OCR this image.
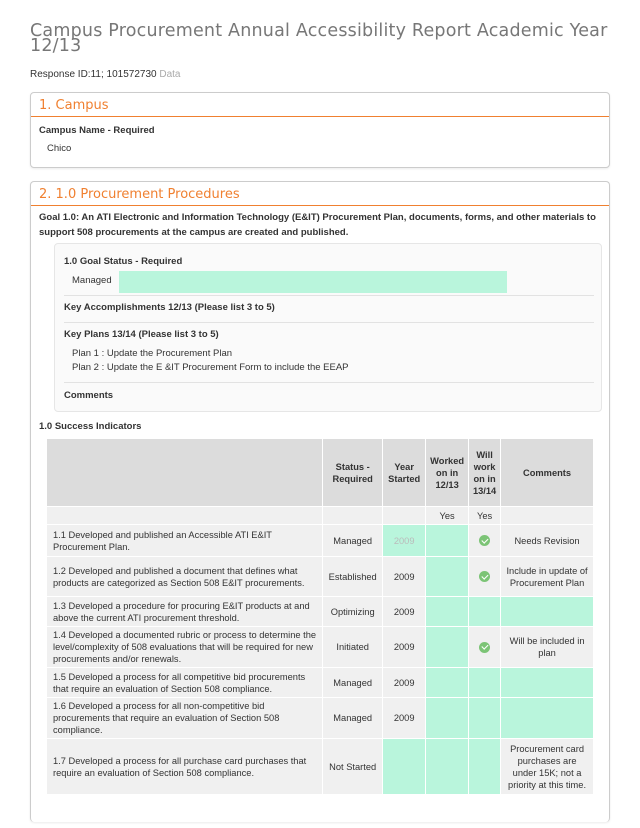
Campus Procurement Annual Accessibility Report Academic Year 12/13
Response ID:11; 101572730 Data
1. Campus
Campus Name - Required
Chico
2. 1.0 Procurement Procedures
Goal 1.0: An ATI Electronic and Information Technology (E&IT) Procurement Plan, documents, forms, and other materials to support 508 procurements at the campus are created and published.
1.0 Goal Status - Required
Managed
Key Accomplishments 12/13 (Please list 3 to 5)
Key Plans 13/14 (Please list 3 to 5)
Plan 1 : Update the Procurement Plan
Plan 2 : Update the E &IT Procurement Form to include the EEAP
Comments
1.0 Success Indicators
	Status - Required	Year Started	Worked on in 12/13	Will work on in 13/14	Comments
			Yes	Yes	
1.1 Developed and published an Accessible ATI E&IT Procurement Plan.	Managed	2009			Needs Revision
1.2 Developed and published a document that defines what products are categorized as Section 508 E&IT procurements.	Established	2009			Include in update of Procurement Plan
1.3 Developed a procedure for procuring E&IT products at and above the current ATI procurement threshold.	Optimizing	2009			
1.4 Developed a documented rubric or process to determine the level/complexity of 508 evaluations that will be required for new procurements and/or renewals.	Initiated	2009			Will be included in plan
1.5 Developed a process for all competitive bid procurements that require an evaluation of Section 508 compliance.	Managed	2009			
1.6 Developed a process for all non-competitive bid procurements that require an evaluation of Section 508 compliance.	Managed	2009			
1.7 Developed a process for all purchase card purchases that require an evaluation of Section 508 compliance.	Not Started				Procurement card purchases are under 15K; not a priority at this time.
